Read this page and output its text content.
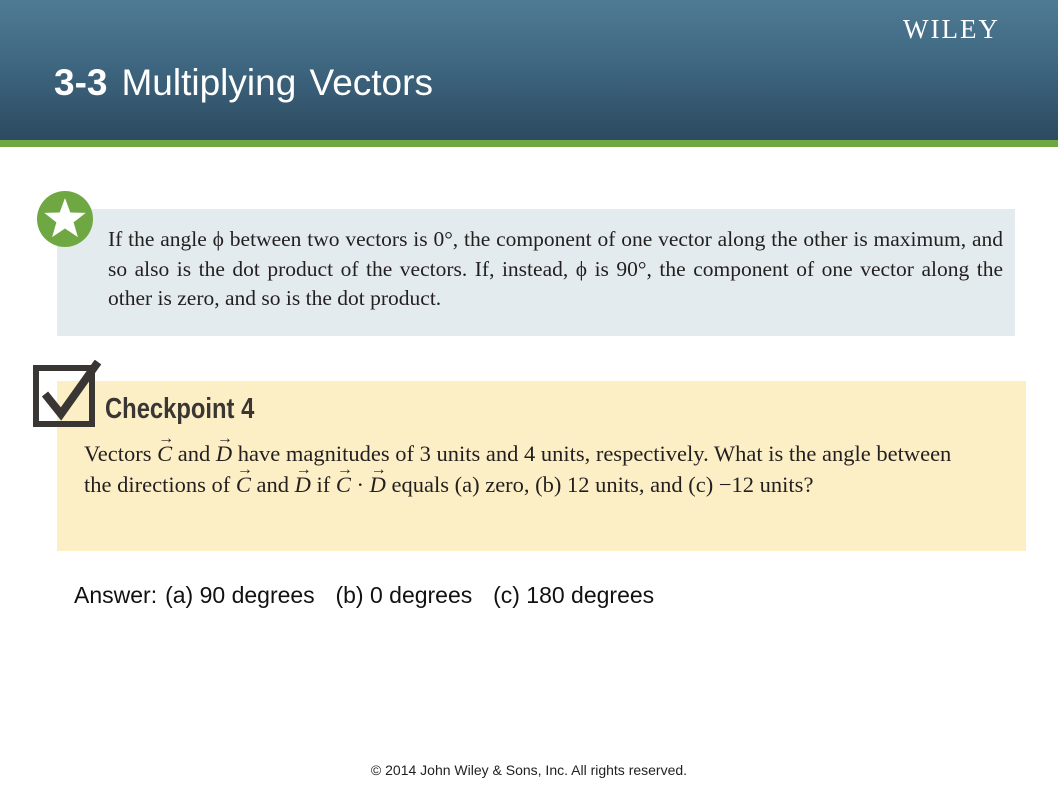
WILEY
3-3 Multiplying Vectors
If the angle ϕ between two vectors is 0°, the component of one vector along the other is maximum, and so also is the dot product of the vectors. If, instead, ϕ is 90°, the component of one vector along the other is zero, and so is the dot product.
Checkpoint 4
Vectors → C and → D have magnitudes of 3 units and 4 units, respectively. What is the angle between the directions of → C and → D if → C · → D equals (a) zero, (b) 12 units, and (c) −12 units?
Answer: (a) 90 degrees (b) 0 degrees (c) 180 degrees
© 2014 John Wiley & Sons, Inc. All rights reserved.
